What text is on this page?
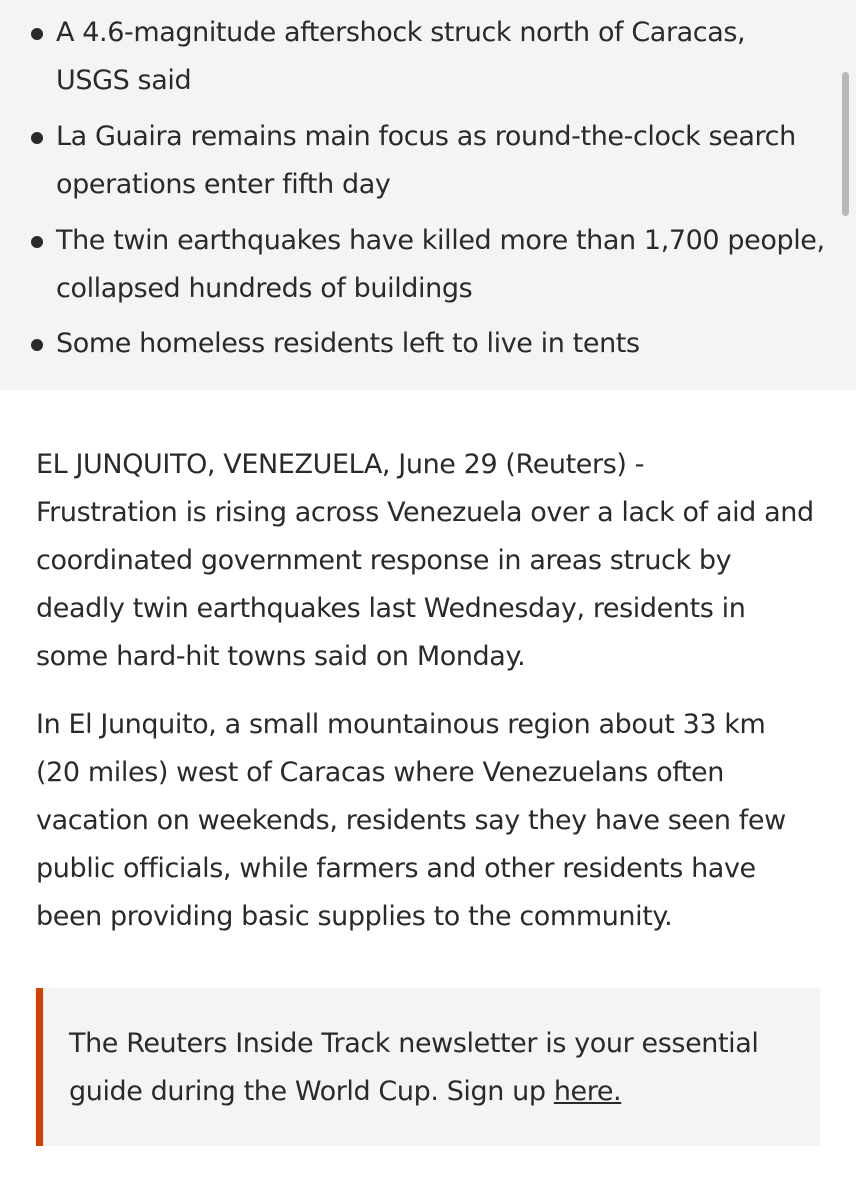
A 4.6-magnitude aftershock struck north of Caracas,
USGS said
La Guaira remains main focus as round-the-clock search
operations enter fifth day
The twin earthquakes have killed more than 1,700 people,
collapsed hundreds of buildings
Some homeless residents left to live in tents

EL JUNQUITO, VENEZUELA, June 29 (Reuters) -
Frustration is rising across Venezuela over a lack of aid and
coordinated government response in areas struck by
deadly twin earthquakes last Wednesday, residents in
some hard-hit towns said on Monday.

In El Junquito, a small mountainous region about 33 km
(20 miles) west of Caracas where Venezuelans often
vacation on weekends, residents say they have seen few
public officials, while farmers and other residents have
been providing basic supplies to the community.

The Reuters Inside Track newsletter is your essential
guide during the World Cup. Sign up here.
